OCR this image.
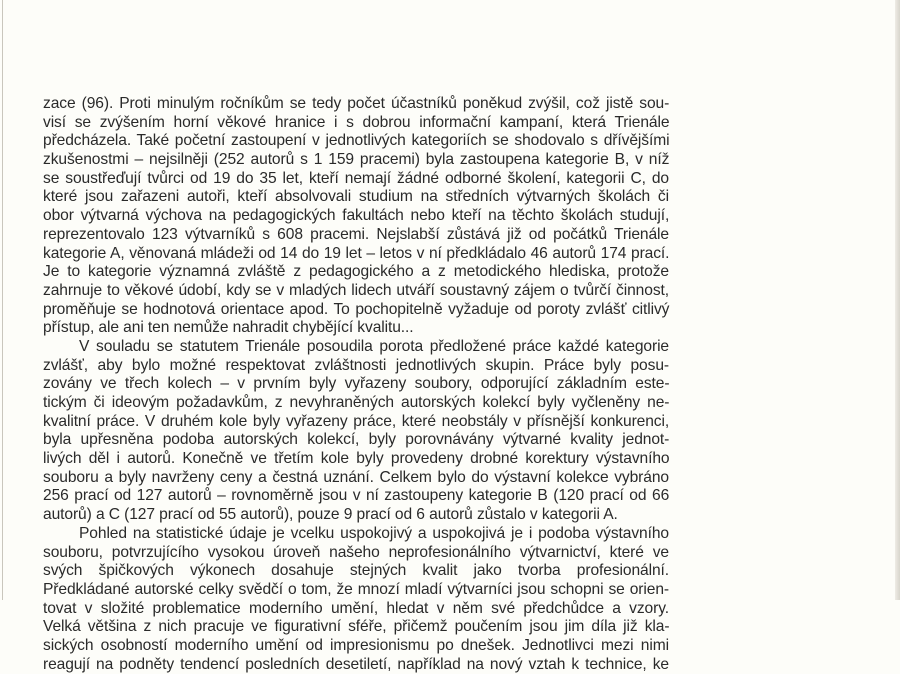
zace (96). Proti minulým ročníkům se tedy počet účastníků poněkud zvýšil, což jistě sou-
visí se zvýšením horní věkové hranice i s dobrou informační kampaní, která Trienále
předcházela. Také početní zastoupení v jednotlivých kategoriích se shodovalo s dřívějšími
zkušenostmi – nejsilněji (252 autorů s 1 159 pracemi) byla zastoupena kategorie B, v níž
se soustřeďují tvůrci od 19 do 35 let, kteří nemají žádné odborné školení, kategorii C, do
které jsou zařazeni autoři, kteří absolvovali studium na středních výtvarných školách či
obor výtvarná výchova na pedagogických fakultách nebo kteří na těchto školách studují,
reprezentovalo 123 výtvarníků s 608 pracemi. Nejslabší zůstává již od počátků Trienále
kategorie A, věnovaná mládeži od 14 do 19 let – letos v ní předkládalo 46 autorů 174 prací.
Je to kategorie významná zvláště z pedagogického a z metodického hlediska, protože
zahrnuje to věkové údobí, kdy se v mladých lidech utváří soustavný zájem o tvůrčí činnost,
proměňuje se hodnotová orientace apod. To pochopitelně vyžaduje od poroty zvlášť citlivý
přístup, ale ani ten nemůže nahradit chybějící kvalitu...
V souladu se statutem Trienále posoudila porota předložené práce každé kategorie
zvlášť, aby bylo možné respektovat zvláštnosti jednotlivých skupin. Práce byly posu-
zovány ve třech kolech – v prvním byly vyřazeny soubory, odporující základním este-
tickým či ideovým požadavkům, z nevyhraněných autorských kolekcí byly vyčleněny ne-
kvalitní práce. V druhém kole byly vyřazeny práce, které neobstály v přísnější konkurenci,
byla upřesněna podoba autorských kolekcí, byly porovnávány výtvarné kvality jednot-
livých děl i autorů. Konečně ve třetím kole byly provedeny drobné korektury výstavního
souboru a byly navrženy ceny a čestná uznání. Celkem bylo do výstavní kolekce vybráno
256 prací od 127 autorů – rovnoměrně jsou v ní zastoupeny kategorie B (120 prací od 66
autorů) a C (127 prací od 55 autorů), pouze 9 prací od 6 autorů zůstalo v kategorii A.
Pohled na statistické údaje je vcelku uspokojivý a uspokojivá je i podoba výstavního
souboru, potvrzujícího vysokou úroveň našeho neprofesionálního výtvarnictví, které ve
svých špičkových výkonech dosahuje stejných kvalit jako tvorba profesionální.
Předkládané autorské celky svědčí o tom, že mnozí mladí výtvarníci jsou schopni se orien-
tovat v složité problematice moderního umění, hledat v něm své předchůdce a vzory.
Velká většina z nich pracuje ve figurativní sféře, přičemž poučením jsou jim díla již kla-
sických osobností moderního umění od impresionismu po dnešek. Jednotlivci mezi nimi
reagují na podněty tendencí posledních desetiletí, například na nový vztah k technice, ke
